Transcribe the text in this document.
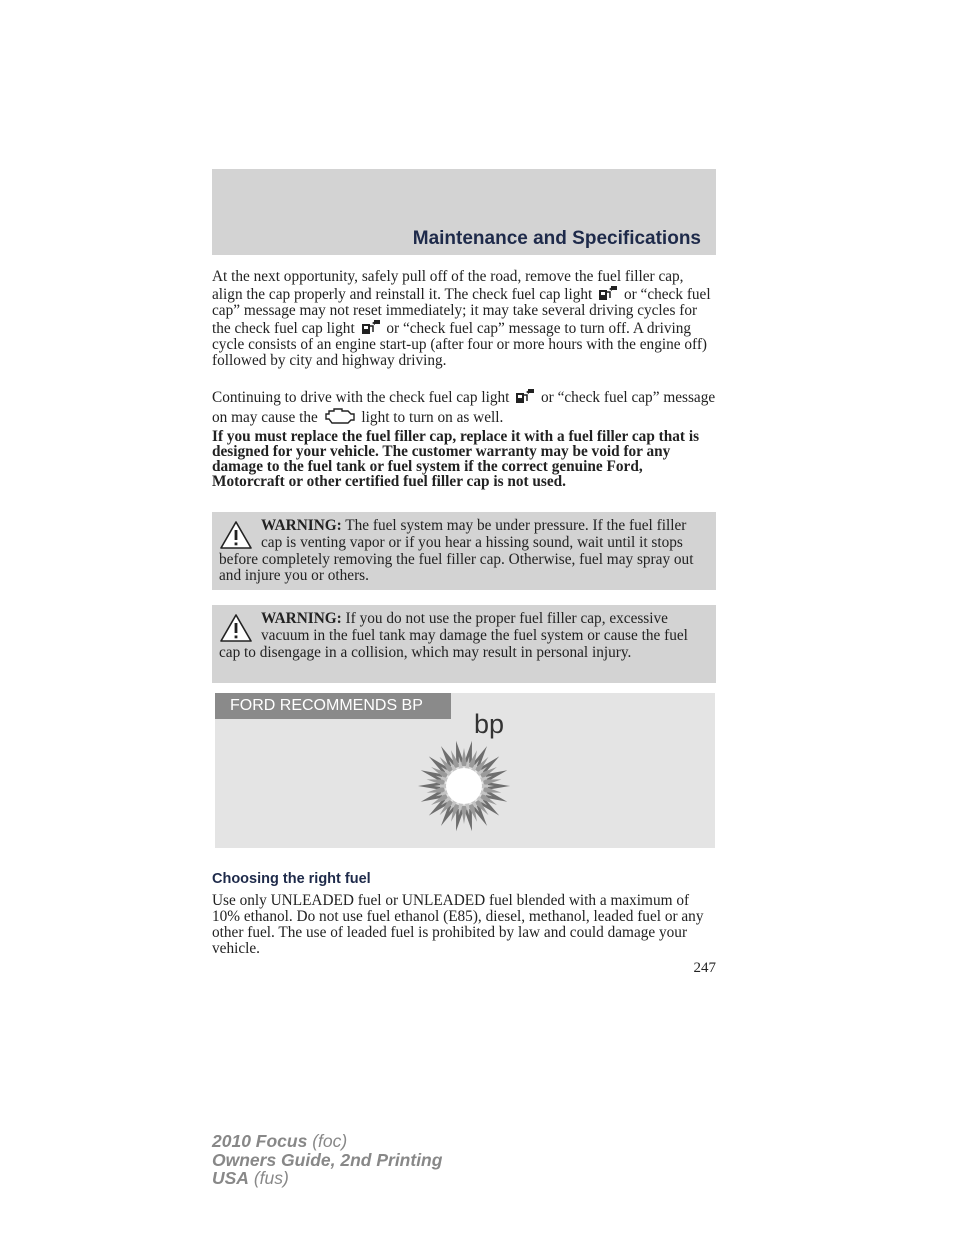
Maintenance and Specifications
At the next opportunity, safely pull off of the road, remove the fuel filler cap, align the cap properly and reinstall it. The check fuel cap light or “check fuel cap” message may not reset immediately; it may take several driving cycles for the check fuel cap light or “check fuel cap” message to turn off. A driving cycle consists of an engine start-up (after four or more hours with the engine off) followed by city and highway driving.
Continuing to drive with the check fuel cap light or “check fuel cap” message on may cause the	light to turn on as well.
If you must replace the fuel filler cap, replace it with a fuel filler cap that is designed for your vehicle. The customer warranty may be void for any damage to the fuel tank or fuel system if the correct genuine Ford, Motorcraft or other certified fuel filler cap is not used.
WARNING: The fuel system may be under pressure. If the fuel filler cap is venting vapor or if you hear a hissing sound, wait until it stops before completely removing the fuel filler cap. Otherwise, fuel may spray out and injure you or others.
WARNING: If you do not use the proper fuel filler cap, excessive vacuum in the fuel tank may damage the fuel system or cause the fuel cap to disengage in a collision, which may result in personal injury.
FORD RECOMMENDS BP
bp
Choosing the right fuel
Use only UNLEADED fuel or UNLEADED fuel blended with a maximum of 10% ethanol. Do not use fuel ethanol (E85), diesel, methanol, leaded fuel or any other fuel. The use of leaded fuel is prohibited by law and could damage your vehicle.
247
2010 Focus (foc)
Owners Guide, 2nd Printing
USA (fus)
